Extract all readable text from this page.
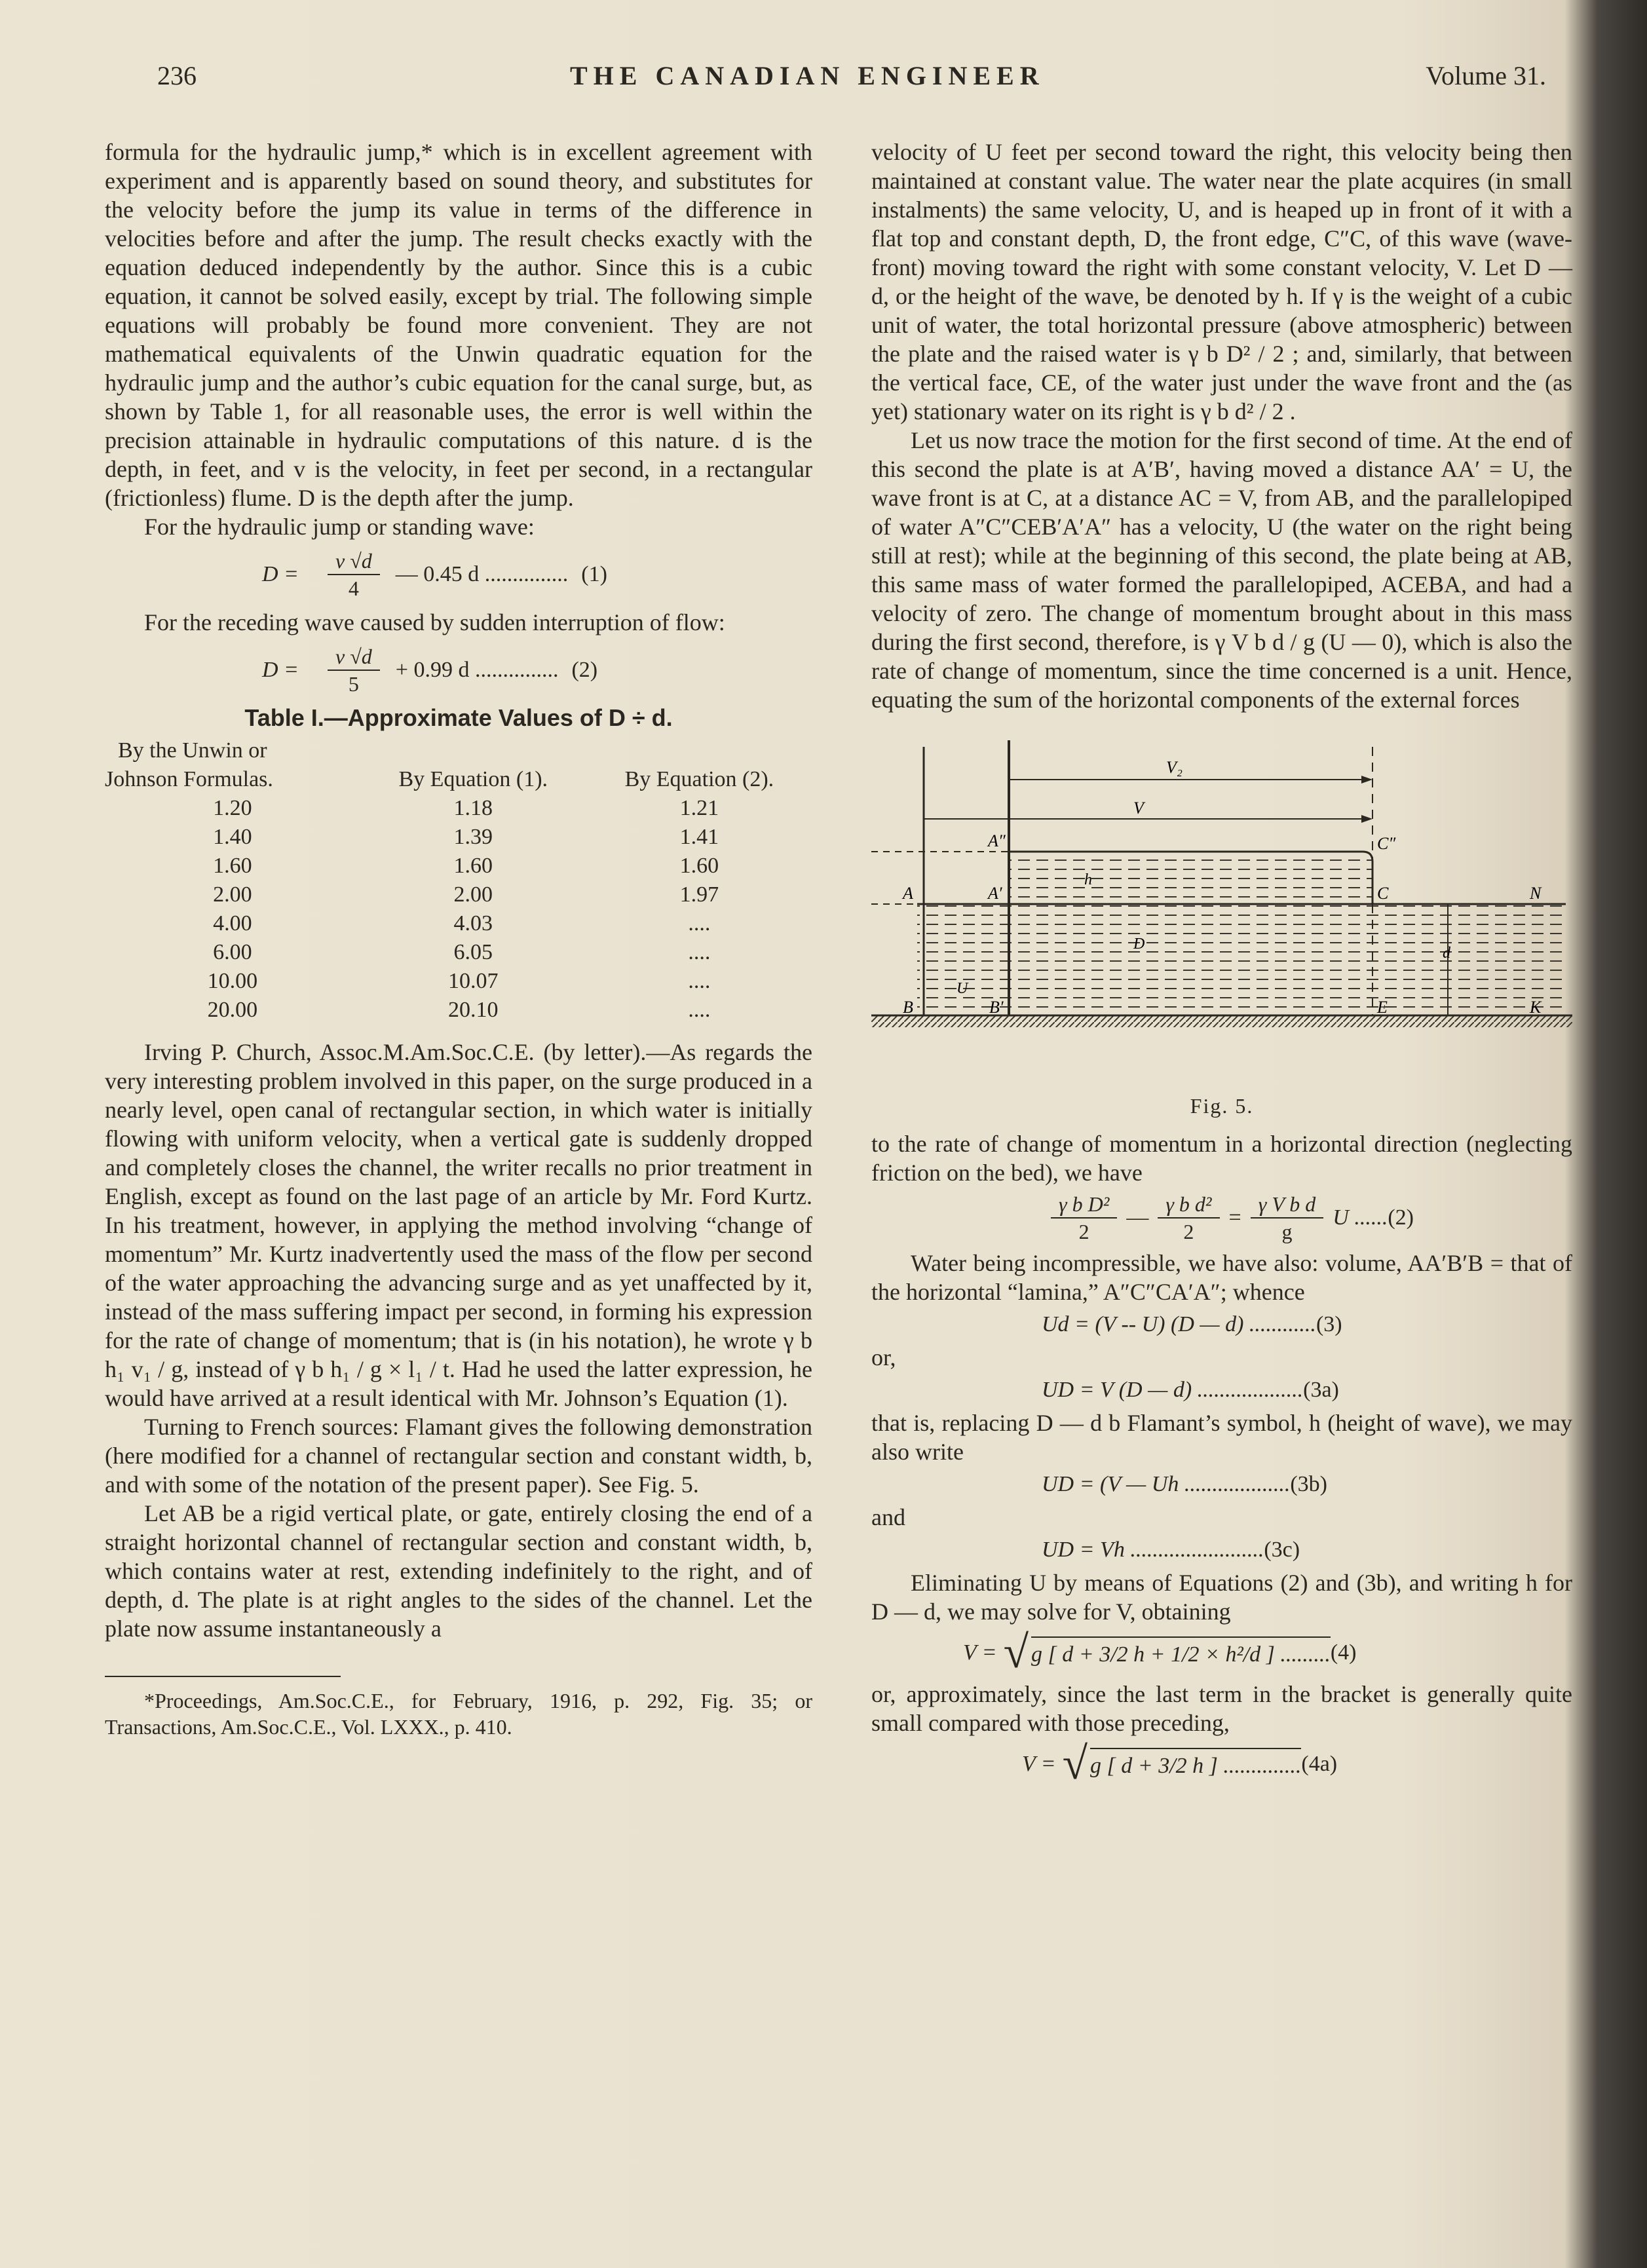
236	THE CANADIAN ENGINEER	Volume 31.

formula for the hydraulic jump,* which is in excellent agreement with experiment and is apparently based on sound theory, and substitutes for the velocity before the jump its value in terms of the difference in velocities before and after the jump. The result checks exactly with the equation deduced independently by the author. Since this is a cubic equation, it cannot be solved easily, except by trial. The following simple equations will probably be found more convenient. They are not mathematical equivalents of the Unwin quadratic equation for the hydraulic jump and the author’s cubic equation for the canal surge, but, as shown by Table 1, for all reasonable uses, the error is well within the precision attainable in hydraulic computations of this nature. d is the depth, in feet, and v is the velocity, in feet per second, in a rectangular (frictionless) flume. D is the depth after the jump.

For the hydraulic jump or standing wave:

$D = \frac{v √d}{4}$ — 0.45 d ............... (1)

For the receding wave caused by sudden interruption of flow:

$D = \frac{v √d}{5} + 0.99$ d ............... (2)
Table I.—Approximate Values of D ÷ d.
By the Unwin or		
Johnson Formulas.	By Equation (1).	By Equation (2).
1.20	1.18	1.21
1.40	1.39	1.41
1.60	1.60	1.60
2.00	2.00	1.97
4.00	4.03	....
6.00	6.05	....
10.00	10.07	....
20.00	20.10	....

Irving P. Church, Assoc.M.Am.Soc.C.E. (by letter).—As regards the very interesting problem involved in this paper, on the surge produced in a nearly level, open canal of rectangular section, in which water is initially flowing with uniform velocity, when a vertical gate is suddenly dropped and completely closes the channel, the writer recalls no prior treatment in English, except as found on the last page of an article by Mr. Ford Kurtz. In his treatment, however, in applying the method involving “change of momentum” Mr. Kurtz inadvertently used the mass of the flow per second of the water approaching the advancing surge and as yet unaffected by it, instead of the mass suffering impact per second, in forming his expression for the rate of change of momentum; that is (in his notation), he wrote γ b h₁ v₁ / g, instead of γ b h₁ / g × l₁ / t. Had he used the latter expression, he would have arrived at a result identical with Mr. Johnson’s Equation (1).

Turning to French sources: Flamant gives the following demonstration (here modified for a channel of rectangular section and constant width, b, and with some of the notation of the present paper). See Fig. 5.

Let AB be a rigid vertical plate, or gate, entirely closing the end of a straight horizontal channel of rectangular section and constant width, b, which contains water at rest, extending indefinitely to the right, and of depth, d. The plate is at right angles to the sides of the channel. Let the plate now assume instantaneously a

*Proceedings, Am.Soc.C.E., for February, 1916, p. 292, Fig. 35; or Transactions, Am.Soc.C.E., Vol. LXXX., p. 410.

velocity of U feet per second toward the right, this velocity being then maintained at constant value. The water near the plate acquires (in small instalments) the same velocity, U, and is heaped up in front of it with a flat top and constant depth, D, the front edge, C″C, of this wave (wave-front) moving toward the right with some constant velocity, V. Let D — d, or the height of the wave, be denoted by h. If γ is the weight of a cubic unit of water, the total horizontal pressure (above atmospheric) between the plate and the raised water is γ b D² / 2 ; and, similarly, that between the vertical face, CE, of the water just under the wave front and the (as yet) stationary water on its right is γ b d² / 2 .

Let us now trace the motion for the first second of time. At the end of this second the plate is at A′B′, having moved a distance AA′ = U, the wave front is at C, at a distance AC = V, from AB, and the parallelopiped of water A″C″CEB′A′A″ has a velocity, U (the water on the right being still at rest); while at the beginning of this second, the plate being at AB, this same mass of water formed the parallelopiped, ACEBA, and had a velocity of zero. The change of momentum brought about in this mass during the first second, therefore, is γ V b d / g (U — 0), which is also the rate of change of momentum, since the time concerned is a unit. Hence, equating the sum of the horizontal components of the external forces

V₂
V
A″
A′
A
C″
C	N
h
D
d
U
B	B′	E	K
Fig. 5.

to the rate of change of momentum in a horizontal direction (neglecting friction on the bed), we have

$\frac{\text{γ b D²}}{2}$ — $\frac{\text{γ b d²}}{2} = \frac{\text{γ V b d}}{g}$ U ...... (2)

Water being incompressible, we have also: volume, AA′B′B = that of the horizontal “lamina,” A″C″CA′A″; whence

Ud = (V -- U) (D — d) ............ (3)

or,

UD = V (D — d) ................... (3a)

that is, replacing D — d b Flamant’s symbol, h (height of wave), we may also write

UD = (V — Uh ................... (3b)

and

UD = Vh ........................ (3c)

Eliminating U by means of Equations (2) and (3b), and writing h for D — d, we may solve for V, obtaining

V = √ g [ d + 3/2 h + 1/2 × h²/d ] ......... (4)

or, approximately, since the last term in the bracket is generally quite small compared with those preceding,

V = √ g [ d + 3/2 h ] .............. (4a)
